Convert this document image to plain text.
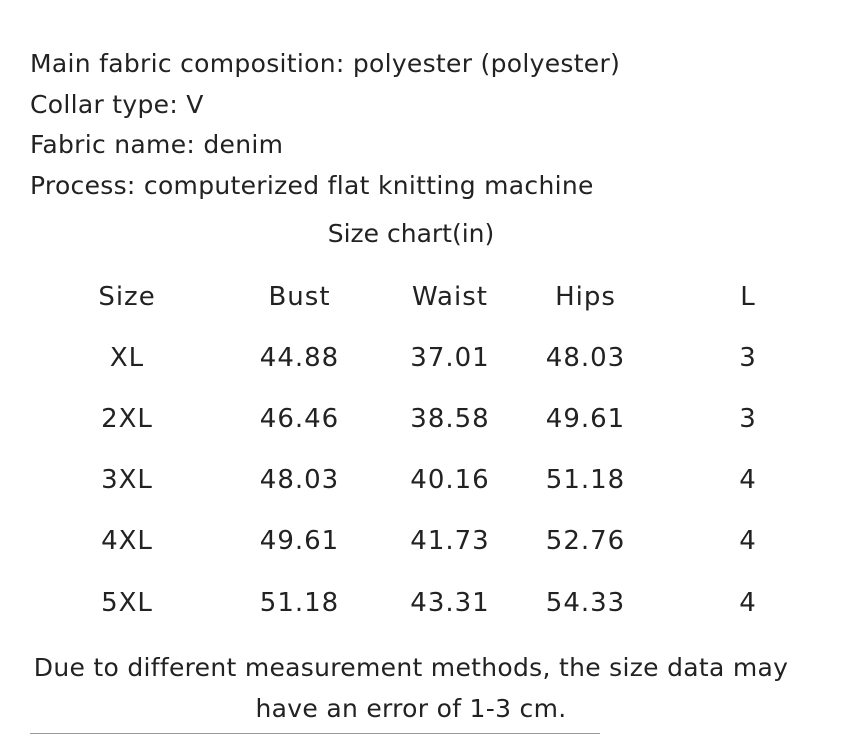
Main fabric composition: polyester (polyester)
Collar type: V
Fabric name: denim
Process: computerized flat knitting machine
Size chart(in)
Size	Bust	Waist	Hips	L
XL	44.88	37.01	48.03	3
2XL	46.46	38.58	49.61	3
3XL	48.03	40.16	51.18	4
4XL	49.61	41.73	52.76	4
5XL	51.18	43.31	54.33	4
Due to different measurement methods, the size data may
have an error of 1-3 cm.
